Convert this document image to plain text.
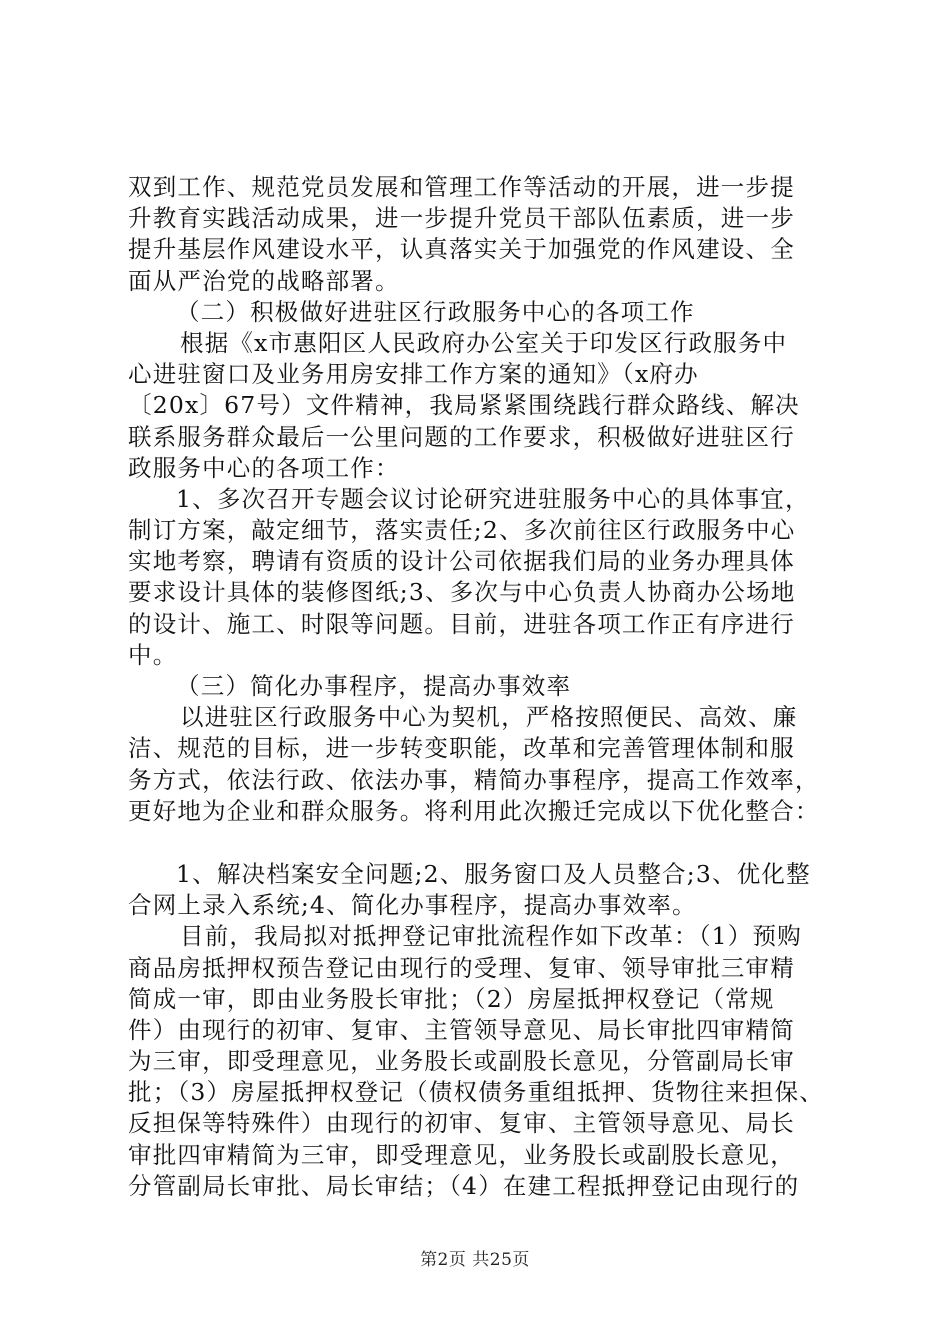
双到工作、规范党员发展和管理工作等活动的开展，进一步提
升教育实践活动成果，进一步提升党员干部队伍素质，进一步
提升基层作风建设水平，认真落实关于加强党的作风建设、全
面从严治党的战略部署。
（二）积极做好进驻区行政服务中心的各项工作
根据《x市惠阳区人民政府办公室关于印发区行政服务中
心进驻窗口及业务用房安排工作方案的通知》（x府办
〔20x〕67号）文件精神，我局紧紧围绕践行群众路线、解决
联系服务群众最后一公里问题的工作要求，积极做好进驻区行
政服务中心的各项工作：
1、多次召开专题会议讨论研究进驻服务中心的具体事宜，
制订方案，敲定细节，落实责任;2、多次前往区行政服务中心
实地考察，聘请有资质的设计公司依据我们局的业务办理具体
要求设计具体的装修图纸;3、多次与中心负责人协商办公场地
的设计、施工、时限等问题。目前，进驻各项工作正有序进行
中。
（三）简化办事程序，提高办事效率
以进驻区行政服务中心为契机，严格按照便民、高效、廉
洁、规范的目标，进一步转变职能，改革和完善管理体制和服
务方式，依法行政、依法办事，精简办事程序，提高工作效率，
更好地为企业和群众服务。将利用此次搬迁完成以下优化整合：
1、解决档案安全问题;2、服务窗口及人员整合;3、优化整
合网上录入系统;4、简化办事程序，提高办事效率。
目前，我局拟对抵押登记审批流程作如下改革：（1）预购
商品房抵押权预告登记由现行的受理、复审、领导审批三审精
简成一审，即由业务股长审批；（2）房屋抵押权登记（常规
件）由现行的初审、复审、主管领导意见、局长审批四审精简
为三审，即受理意见，业务股长或副股长意见，分管副局长审
批；（3）房屋抵押权登记（债权债务重组抵押、货物往来担保、
反担保等特殊件）由现行的初审、复审、主管领导意见、局长
审批四审精简为三审，即受理意见，业务股长或副股长意见，
分管副局长审批、局长审结；（4）在建工程抵押登记由现行的
第2页 共25页
